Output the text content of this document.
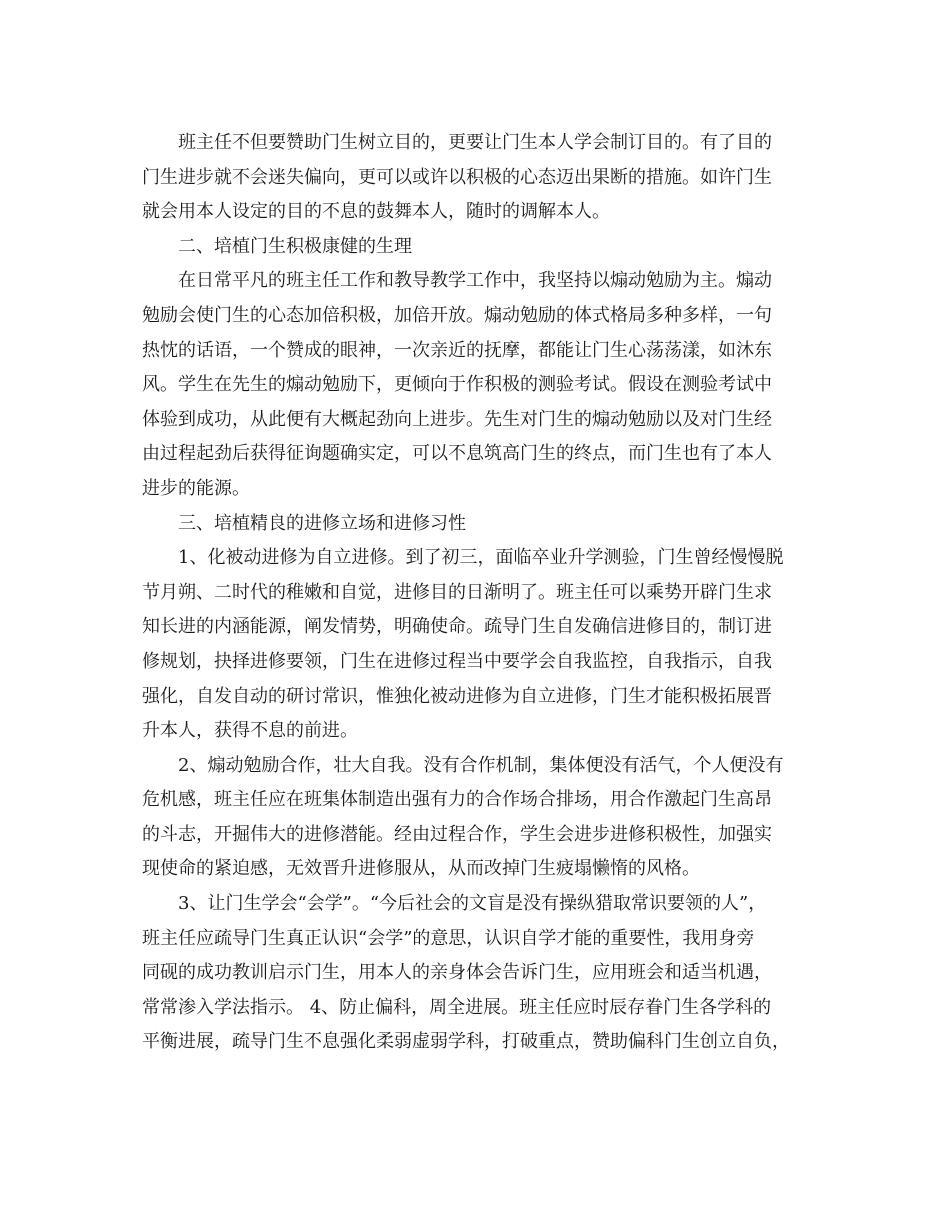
班主任不但要赞助门生树立目的，更要让门生本人学会制订目的。有了目的
门生进步就不会迷失偏向，更可以或许以积极的心态迈出果断的措施。如许门生
就会用本人设定的目的不息的鼓舞本人，随时的调解本人。
二、培植门生积极康健的生理
在日常平凡的班主任工作和教导教学工作中，我坚持以煽动勉励为主。煽动
勉励会使门生的心态加倍积极，加倍开放。煽动勉励的体式格局多种多样，一句
热忱的话语，一个赞成的眼神，一次亲近的抚摩，都能让门生心荡荡漾，如沐东
风。学生在先生的煽动勉励下，更倾向于作积极的测验考试。假设在测验考试中
体验到成功，从此便有大概起劲向上进步。先生对门生的煽动勉励以及对门生经
由过程起劲后获得征询题确实定，可以不息筑高门生的终点，而门生也有了本人
进步的能源。
三、培植精良的进修立场和进修习性
1、化被动进修为自立进修。到了初三，面临卒业升学测验，门生曾经慢慢脱
节月朔、二时代的稚嫩和自觉，进修目的日渐明了。班主任可以乘势开辟门生求
知长进的内涵能源，阐发情势，明确使命。疏导门生自发确信进修目的，制订进
修规划，抉择进修要领，门生在进修过程当中要学会自我监控，自我指示，自我
强化，自发自动的研讨常识，惟独化被动进修为自立进修，门生才能积极拓展晋
升本人，获得不息的前进。
2、煽动勉励合作，壮大自我。没有合作机制，集体便没有活气，个人便没有
危机感，班主任应在班集体制造出强有力的合作场合排场，用合作激起门生高昂
的斗志，开掘伟大的进修潜能。经由过程合作，学生会进步进修积极性，加强实
现使命的紧迫感，无效晋升进修服从，从而改掉门生疲塌懒惰的风格。
3、让门生学会“会学”。“今后社会的文盲是没有操纵猎取常识要领的人”，
班主任应疏导门生真正认识“会学”的意思，认识自学才能的重要性，我用身旁
同砚的成功教训启示门生，用本人的亲身体会告诉门生，应用班会和适当机遇，
常常渗入学法指示。 4、防止偏科，周全进展。班主任应时辰存眷门生各学科的
平衡进展，疏导门生不息强化柔弱虚弱学科，打破重点，赞助偏科门生创立自负，
